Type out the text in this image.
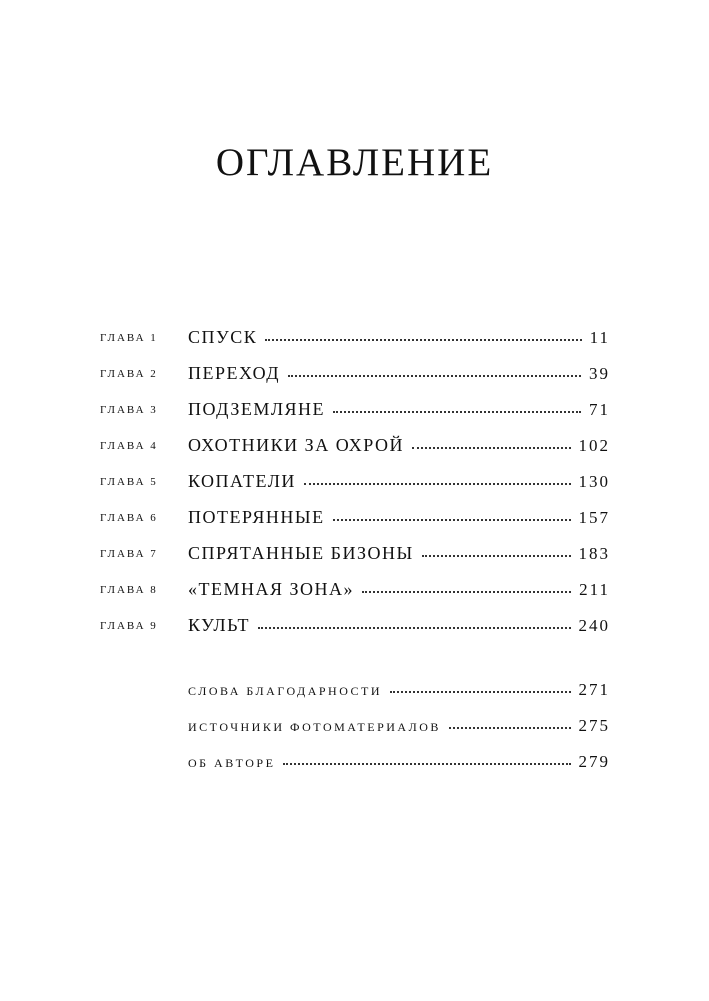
ОГЛАВЛЕНИЕ
ГЛАВА 1 СПУСК	11
ГЛАВА 2 ПЕРЕХОД	39
ГЛАВА 3 ПОДЗЕМЛЯНЕ	71
ГЛАВА 4 ОХОТНИКИ ЗА ОХРОЙ	102
ГЛАВА 5 КОПАТЕЛИ	130
ГЛАВА 6 ПОТЕРЯННЫЕ	157
ГЛАВА 7 СПРЯТАННЫЕ БИЗОНЫ	183
ГЛАВА 8 «ТЕМНАЯ ЗОНА»	211
ГЛАВА 9 КУЛЬТ	240
СЛОВА БЛАГОДАРНОСТИ	271
ИСТОЧНИКИ ФОТОМАТЕРИАЛОВ	275
ОБ АВТОРЕ	279
